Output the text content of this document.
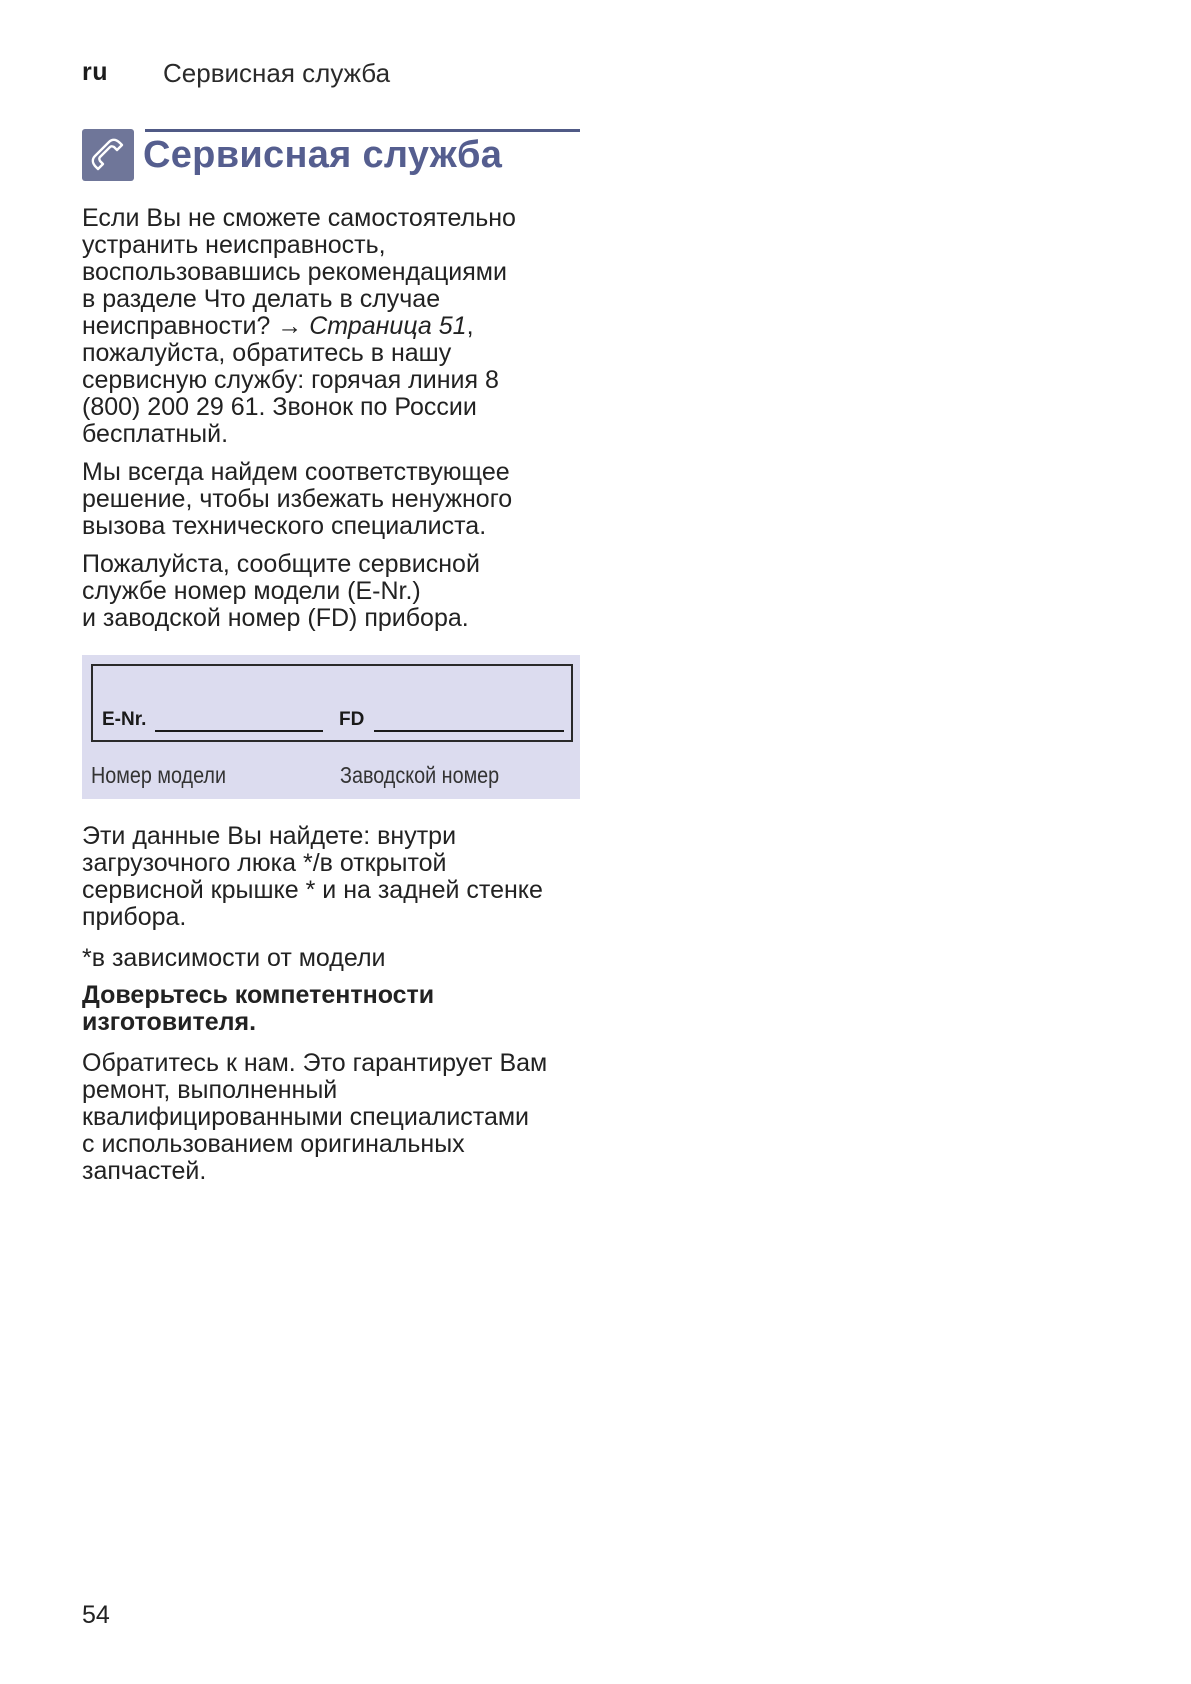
ru Сервисная служба
Сервисная служба

Если Вы не сможете самостоятельно

устранить неисправность,

воспользовавшись рекомендациями

в разделе Что делать в случае

неисправности? → Страница 51,

пожалуйста, обратитесь в нашу

сервисную службу: горячая линия 8

(800) 200 29 61. Звонок по России

бесплатный.

Мы всегда найдем соответствующее

решение, чтобы избежать ненужного

вызова технического специалиста.

Пожалуйста, сообщите сервисной

службе номер модели (E-Nr.)

и заводской номер (FD) прибора.

E-Nr.	FD
Номер модели	Заводской номер

Эти данные Вы найдете: внутри

загрузочного люка */в открытой

сервисной крышке * и на задней стенке

прибора.

*в зависимости от модели

Доверьтесь компетентности

изготовителя.

Обратитесь к нам. Это гарантирует Вам

ремонт, выполненный

квалифицированными специалистами

с использованием оригинальных

запчастей.

54
